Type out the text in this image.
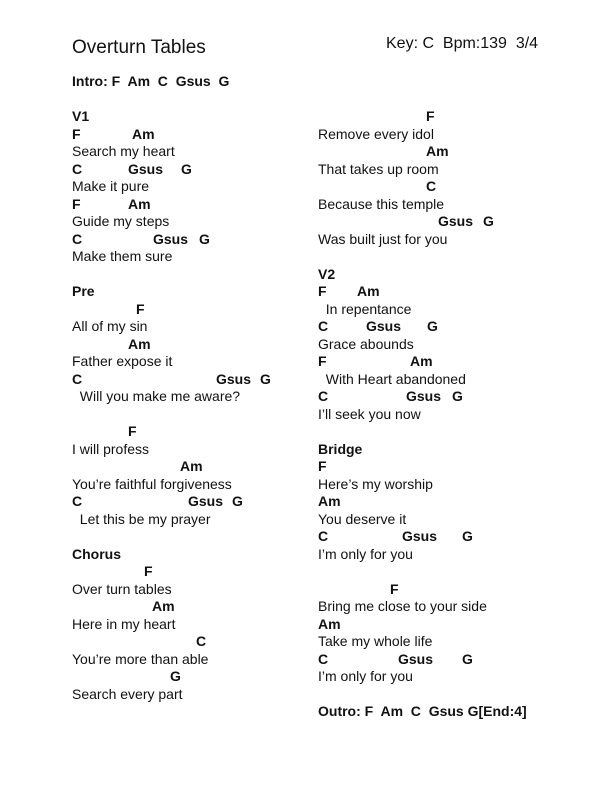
Overturn Tables	Key: C  Bpm:139  3/4
Intro: F  Am  C  Gsus  G
V1

F

	Am

Search my heart

C

	Gsus

G

Make it pure

F

	Am

Guide my steps

C

	Gsus

G

Make them sure
Pre

F

All of my sin

Am

Father expose it

C

	Gsus

G

Will you make me aware?

F

I will profess

Am

You’re faithful forgiveness

C

	Gsus

G

Let this be my prayer
Chorus

F

Over turn tables

Am

Here in my heart

C

You’re more than able

G

Search every part

F

Remove every idol

Am

That takes up room

C

Because this temple

Gsus

G

Was built just for you
V2

F

Am

In repentance

C

	Gsus

G

Grace abounds

F

	Am

With Heart abandoned

C

	Gsus

G

I’ll seek you now
Bridge

F

Here’s my worship

Am

You deserve it

C

	Gsus

G

I’m only for you

F

Bring me close to your side

Am

Take my whole life

C

	Gsus

G

I’m only for you
Outro: F  Am  C  Gsus G[End:4]
